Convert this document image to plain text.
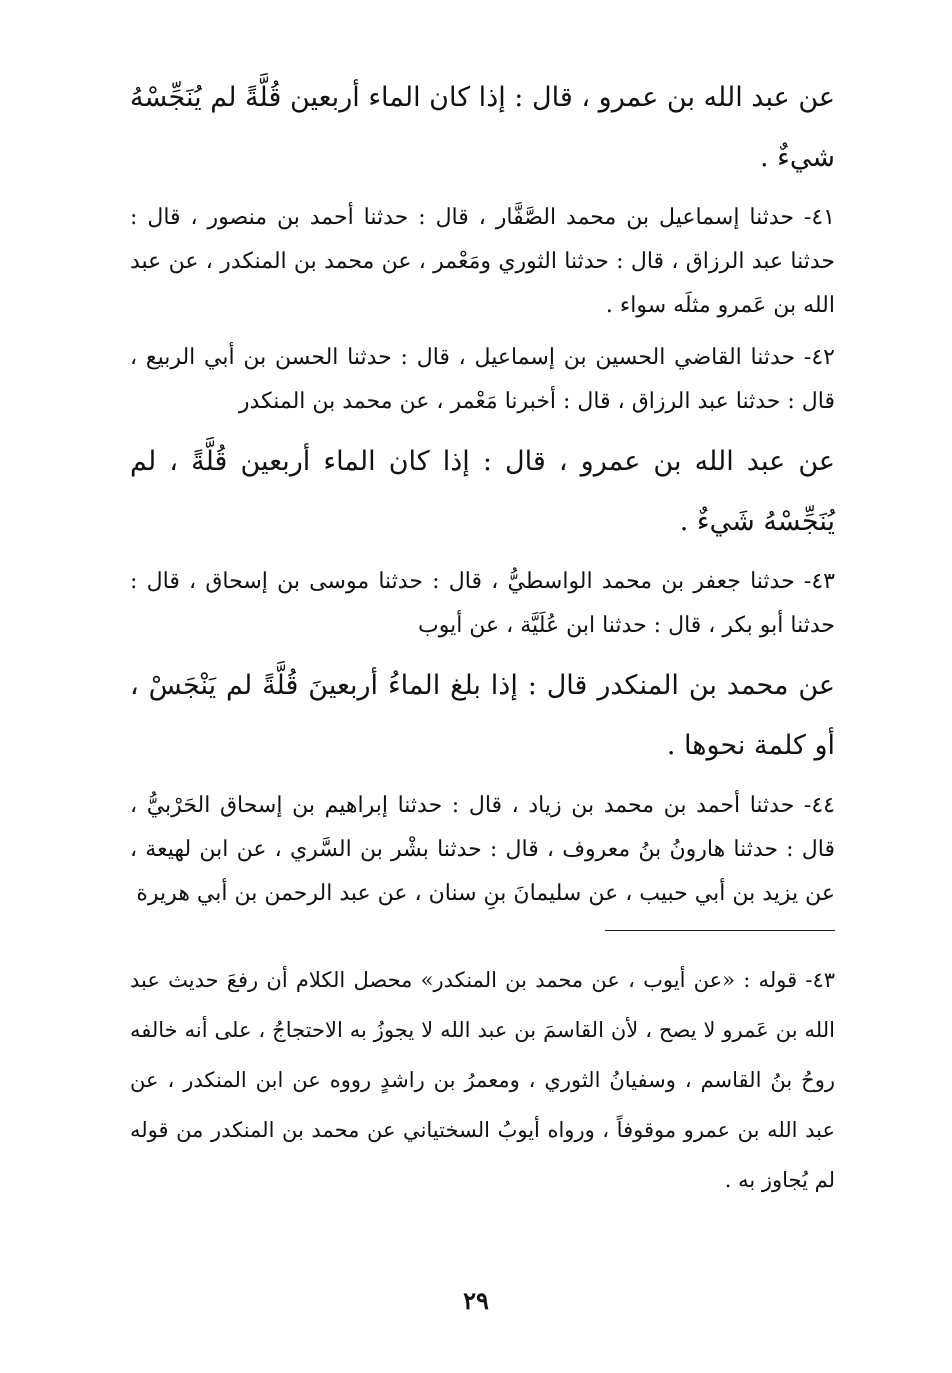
عن عبد الله بن عمرو ، قال : إذا كان الماء أربعين قُلَّةً لم يُنَجِّسْهُ شيءٌ .

٤١- حدثنا إسماعيل بن محمد الصَّفَّار ، قال : حدثنا أحمد بن منصور ، قال : حدثنا عبد الرزاق ، قال : حدثنا الثوري ومَعْمر ، عن محمد بن المنكدر ، عن عبد الله بن عَمرو مثلَه سواء .

٤٢- حدثنا القاضي الحسين بن إسماعيل ، قال : حدثنا الحسن بن أبي الربيع ، قال : حدثنا عبد الرزاق ، قال : أخبرنا مَعْمر ، عن محمد بن المنكدر

عن عبد الله بن عمرو ، قال : إذا كان الماء أربعين قُلَّةً ، لم يُنَجِّسْهُ شَيءٌ .

٤٣- حدثنا جعفر بن محمد الواسطيُّ ، قال : حدثنا موسى بن إسحاق ، قال : حدثنا أبو بكر ، قال : حدثنا ابن عُلَيَّة ، عن أيوب

عن محمد بن المنكدر قال : إذا بلغ الماءُ أربعينَ قُلَّةً لم يَنْجَسْ ، أو كلمة نحوها .

٤٤- حدثنا أحمد بن محمد بن زياد ، قال : حدثنا إبراهيم بن إسحاق الحَرْبيُّ ، قال : حدثنا هارونُ بنُ معروف ، قال : حدثنا بشْر بن السَّري ، عن ابن لهيعة ، عن يزيد بن أبي حبيب ، عن سليمانَ بنِ سنان ، عن عبد الرحمن بن أبي هريرة

٤٣- قوله : «عن أيوب ، عن محمد بن المنكدر» محصل الكلام أن رفعَ حديث عبد الله بن عَمرو لا يصح ، لأن القاسمَ بن عبد الله لا يجوزُ به الاحتجاجُ ، على أنه خالفه روحُ بنُ القاسم ، وسفيانُ الثوري ، ومعمرُ بن راشدٍ رووه عن ابن المنكدر ، عن عبد الله بن عمرو موقوفاً ، ورواه أيوبُ السختياني عن محمد بن المنكدر من قوله لم يُجاوز به .

٢٩
